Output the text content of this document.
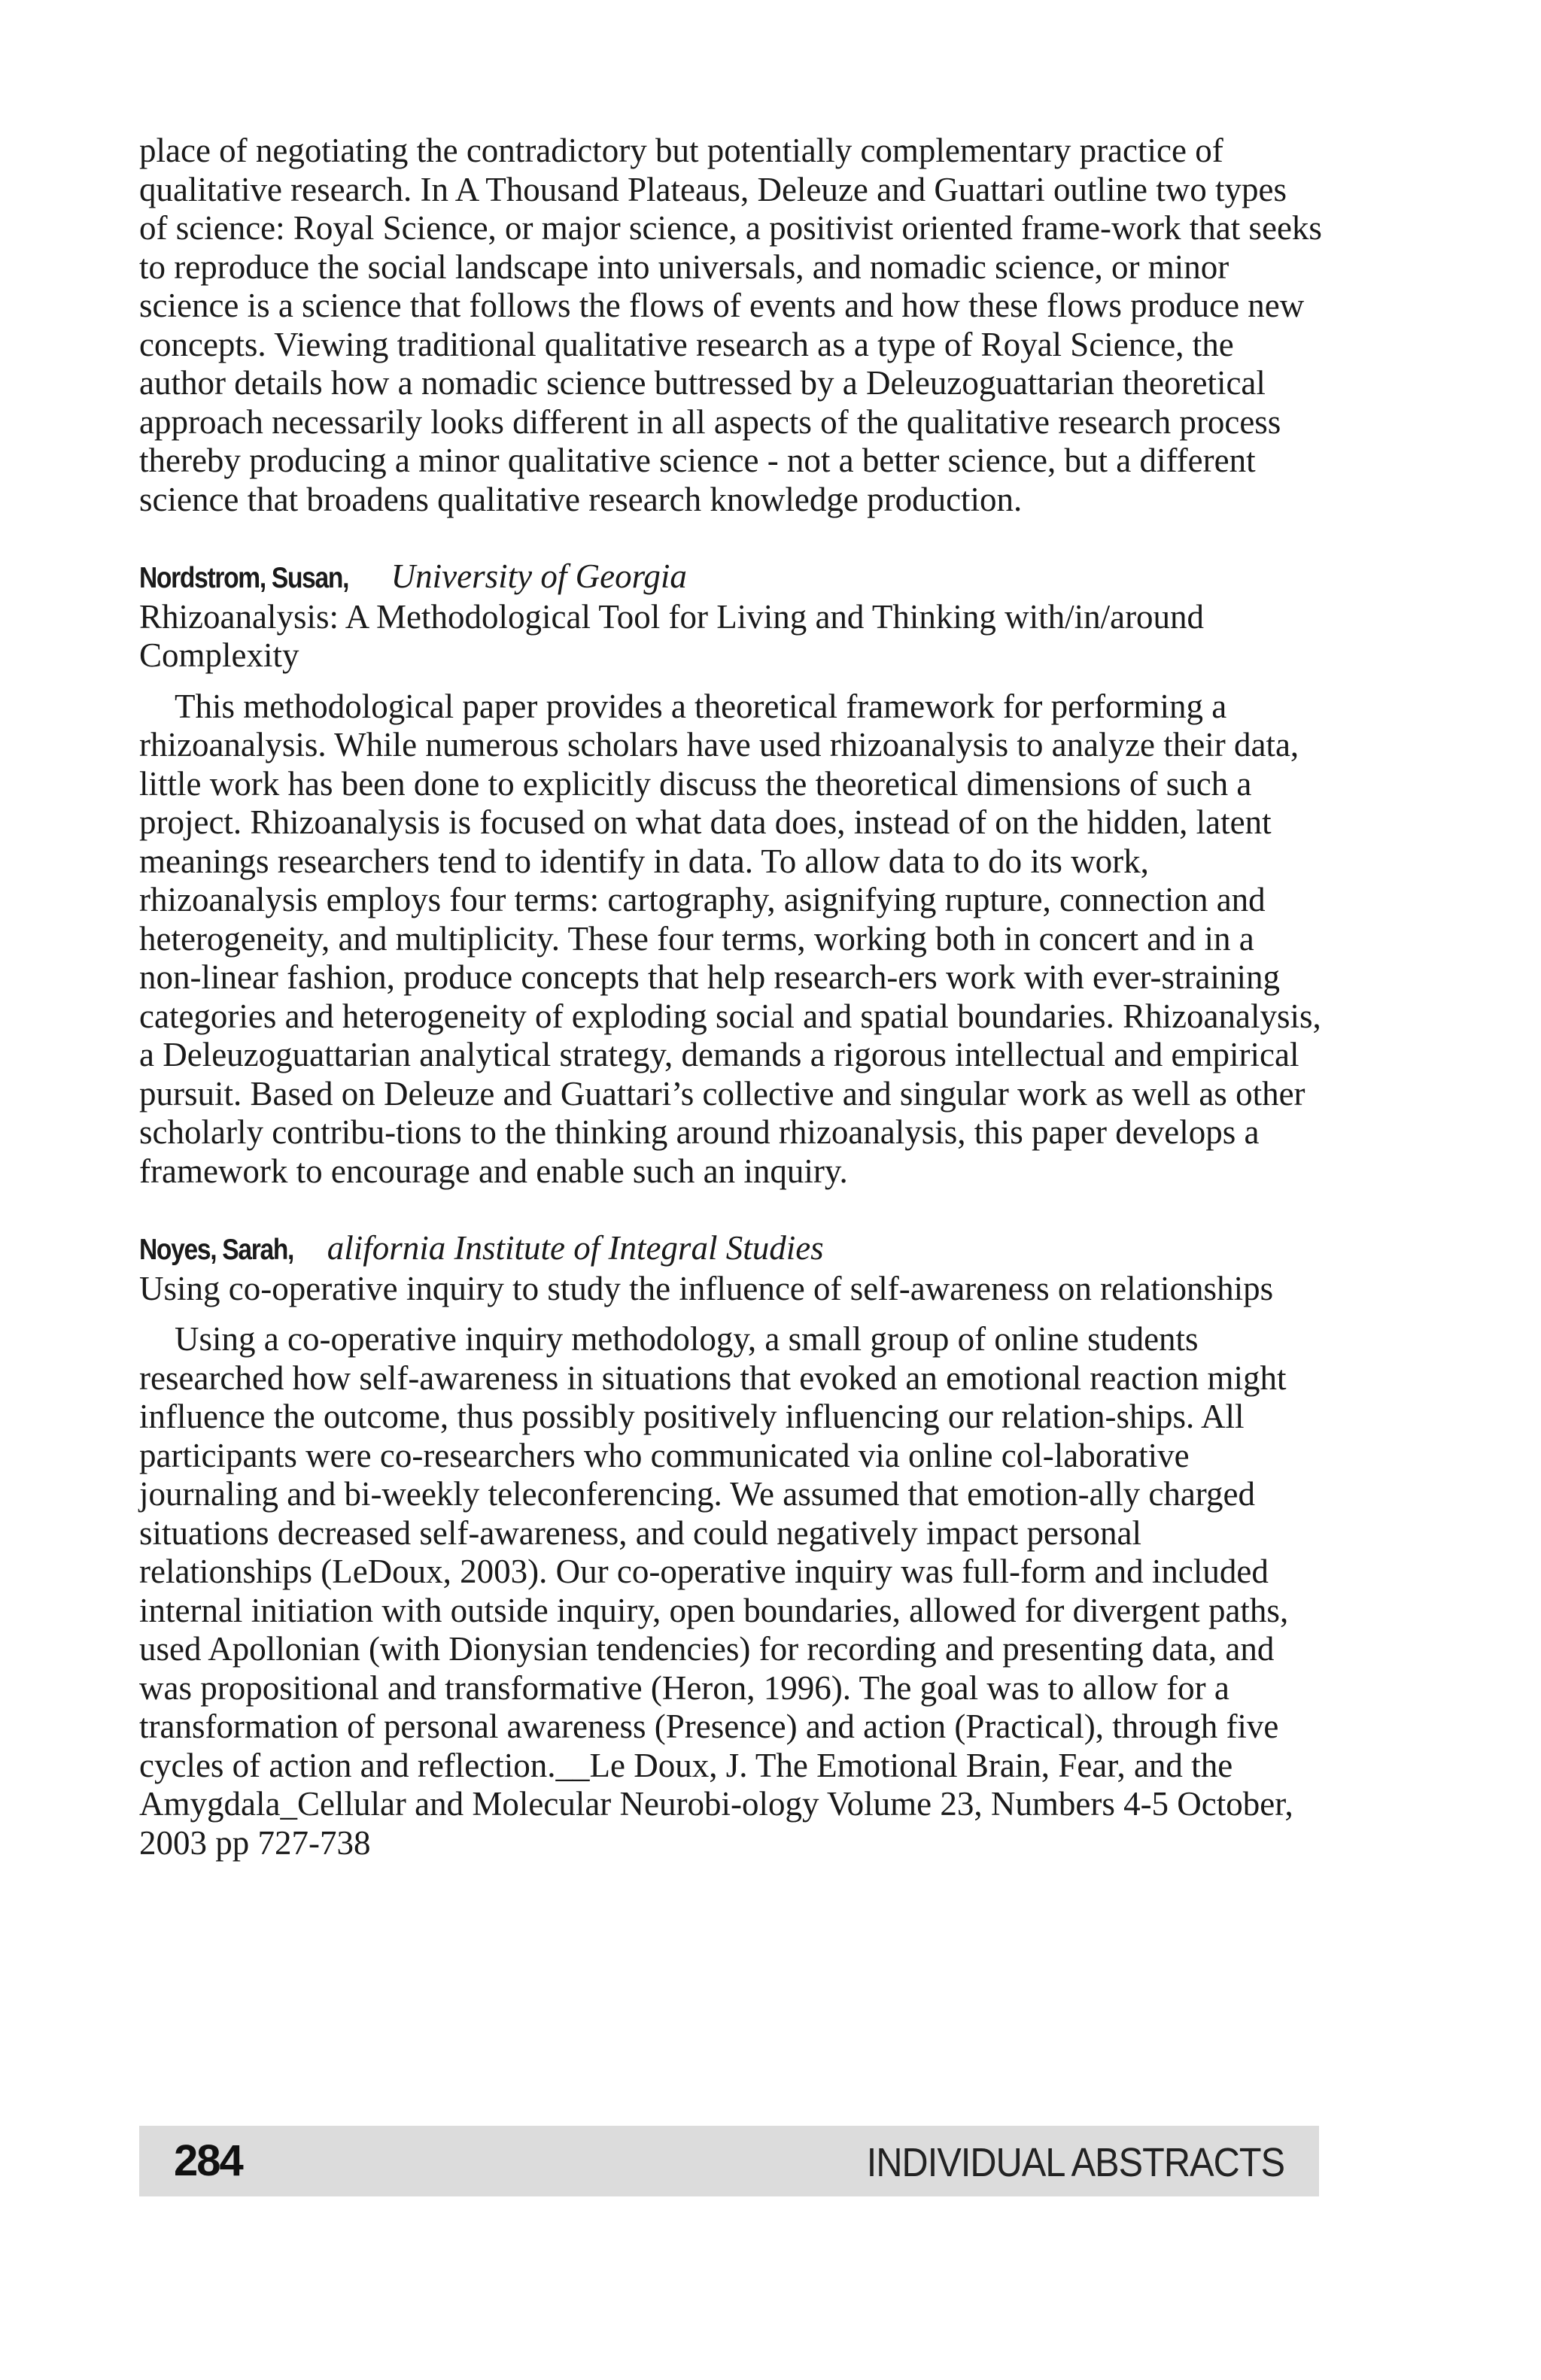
place of negotiating the contradictory but potentially complementary practice of qualitative research. In A Thousand Plateaus, Deleuze and Guattari outline two types of science: Royal Science, or major science, a positivist oriented frame-work that seeks to reproduce the social landscape into universals, and nomadic science, or minor science is a science that follows the flows of events and how these flows produce new concepts. Viewing traditional qualitative research as a type of Royal Science, the author details how a nomadic science buttressed by a Deleuzoguattarian theoretical approach necessarily looks different in all aspects of the qualitative research process thereby producing a minor qualitative science - not a better science, but a different science that broadens qualitative research knowledge production.

Nordstrom, Susan, University of Georgia

Rhizoanalysis: A Methodological Tool for Living and Thinking with/in/around Complexity

This methodological paper provides a theoretical framework for performing a rhizoanalysis. While numerous scholars have used rhizoanalysis to analyze their data, little work has been done to explicitly discuss the theoretical dimensions of such a project. Rhizoanalysis is focused on what data does, instead of on the hidden, latent meanings researchers tend to identify in data. To allow data to do its work, rhizoanalysis employs four terms: cartography, asignifying rupture, connection and heterogeneity, and multiplicity. These four terms, working both in concert and in a non-linear fashion, produce concepts that help research-ers work with ever-straining categories and heterogeneity of exploding social and spatial boundaries. Rhizoanalysis, a Deleuzoguattarian analytical strategy, demands a rigorous intellectual and empirical pursuit. Based on Deleuze and Guattari’s collective and singular work as well as other scholarly contribu-tions to the thinking around rhizoanalysis, this paper develops a framework to encourage and enable such an inquiry.

Noyes, Sarah, alifornia Institute of Integral Studies

Using co-operative inquiry to study the influence of self-awareness on relationships

Using a co-operative inquiry methodology, a small group of online students researched how self-awareness in situations that evoked an emotional reaction might influence the outcome, thus possibly positively influencing our relation-ships. All participants were co-researchers who communicated via online col-laborative journaling and bi-weekly teleconferencing. We assumed that emotion-ally charged situations decreased self-awareness, and could negatively impact personal relationships (LeDoux, 2003). Our co-operative inquiry was full-form and included internal initiation with outside inquiry, open boundaries, allowed for divergent paths, used Apollonian (with Dionysian tendencies) for recording and presenting data, and was propositional and transformative (Heron, 1996). The goal was to allow for a transformation of personal awareness (Presence) and action (Practical), through five cycles of action and reflection.__Le Doux, J. The Emotional Brain, Fear, and the Amygdala_Cellular and Molecular Neurobi-ology Volume 23, Numbers 4-5 October, 2003 pp 727-738

284	INDIVIDUAL ABSTRACTS
